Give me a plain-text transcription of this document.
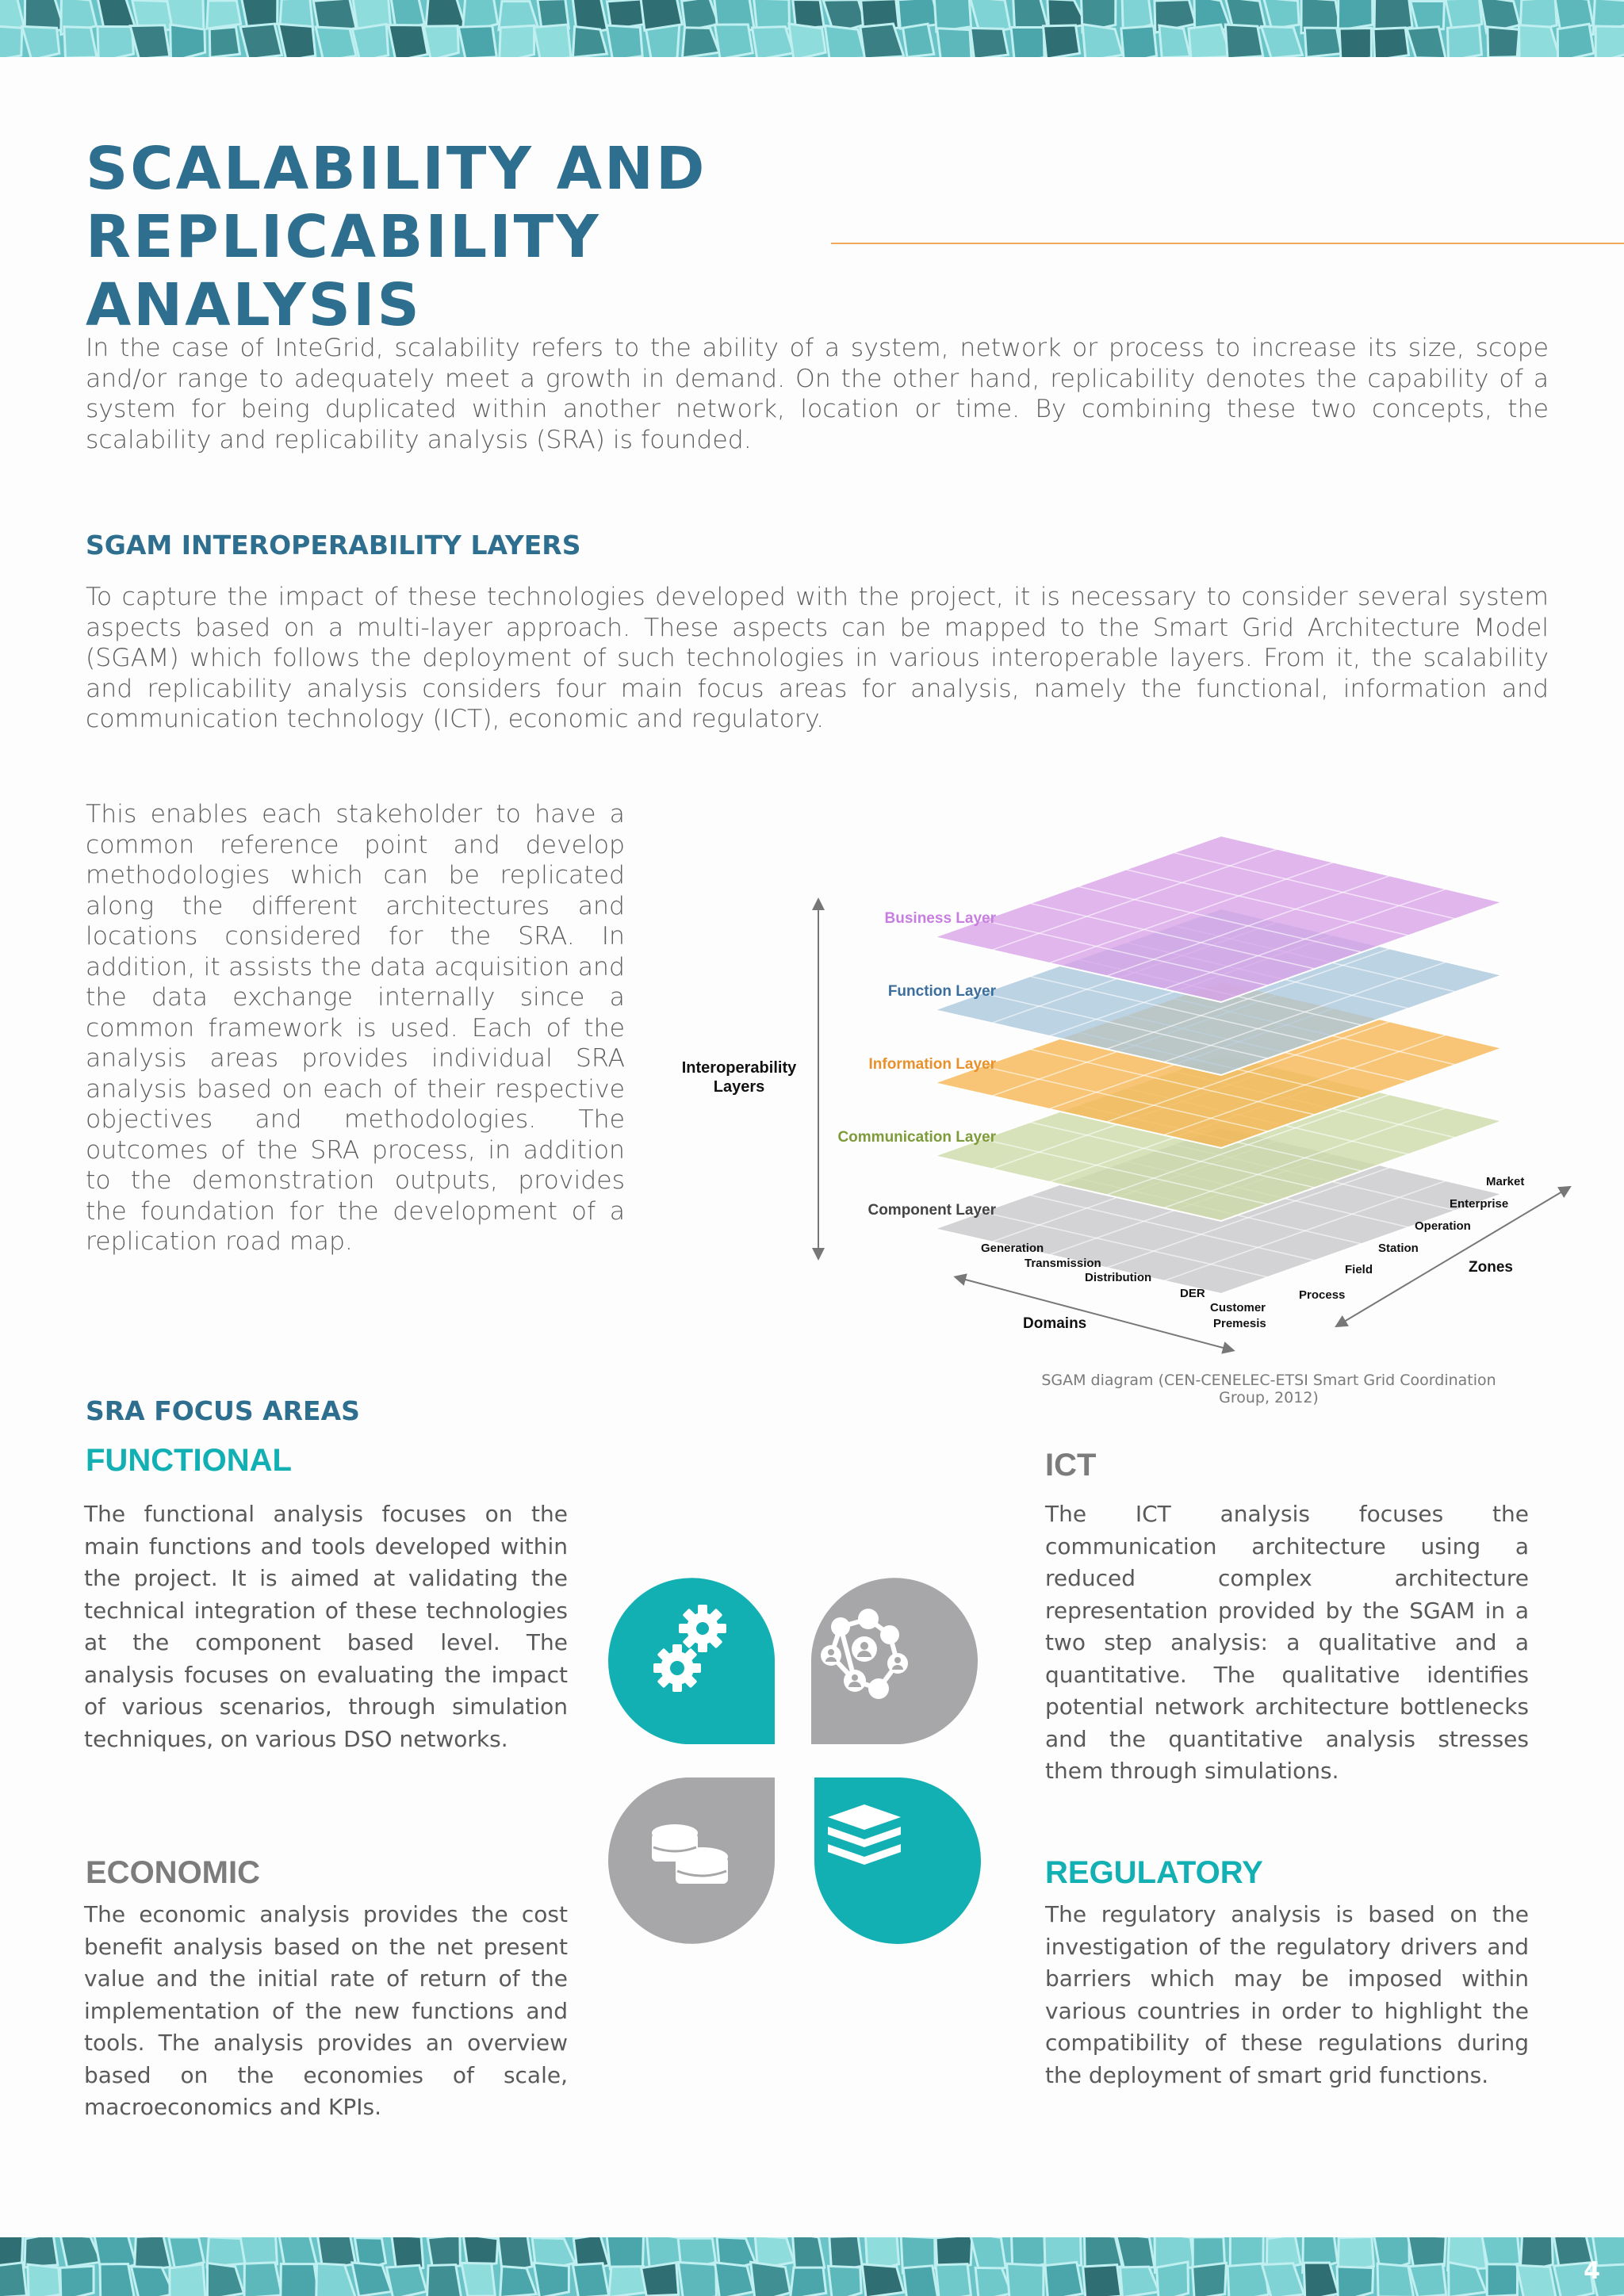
SCALABILITY AND REPLICABILITY
ANALYSIS

In the case of InteGrid, scalability refers to the ability of a system, network or process to increase its size, scope and/or range to adequately meet a growth in demand. On the other hand, replicability denotes the capability of a system for being duplicated within another network, location or time. By combining these two concepts, the scalability and replicability analysis (SRA) is founded.

SGAM INTEROPERABILITY LAYERS

To capture the impact of these technologies developed with the project, it is necessary to consider several system aspects based on a multi-layer approach. These aspects can be mapped to the Smart Grid Architecture Model (SGAM) which follows the deployment of such technologies in various interoperable layers. From it, the scalability and replicability analysis considers four main focus areas for analysis, namely the functional, information and communication technology (ICT), economic and regulatory.

This enables each stakeholder to have a common reference point and develop methodologies which can be replicated along the different architectures and locations considered for the SRA. In addition, it assists the data acquisition and the data exchange internally since a common framework is used. Each of the analysis areas provides individual SRA analysis based on each of their respective objectives and methodologies. The outcomes of the SRA process, in addition to the demonstration outputs, provides the foundation for the development of a replication road map.

Interoperability
Layers
Component Layer
Communication Layer
Information Layer
Function Layer
Business Layer
Domains
Zones
Generation
Transmission
Distribution
DER
Customer
Premesis
Process
Field
Station
Operation
Enterprise
Market

SGAM diagram (CEN-CENELEC-ETSI Smart Grid Coordination Group, 2012)

SRA FOCUS AREAS
FUNCTIONAL

The functional analysis focuses on the main functions and tools developed within the project. It is aimed at validating the technical integration of these technologies at the component based level. The analysis focuses on evaluating the impact of various scenarios, through simulation techniques, on various DSO networks.

ICT

The ICT analysis focuses the communication architecture using a reduced complex architecture representation provided by the SGAM in a two step analysis: a qualitative and a quantitative. The qualitative identifies potential network architecture bottlenecks and the quantitative analysis stresses them through simulations.

ECONOMIC

The economic analysis provides the cost benefit analysis based on the net present value and the initial rate of return of the implementation of the new functions and tools. The analysis provides an overview based on the economies of scale, macroeconomics and KPIs.

REGULATORY

The regulatory analysis is based on the investigation of the regulatory drivers and barriers which may be imposed within various countries in order to highlight the compatibility of these regulations during the deployment of smart grid functions.

4
